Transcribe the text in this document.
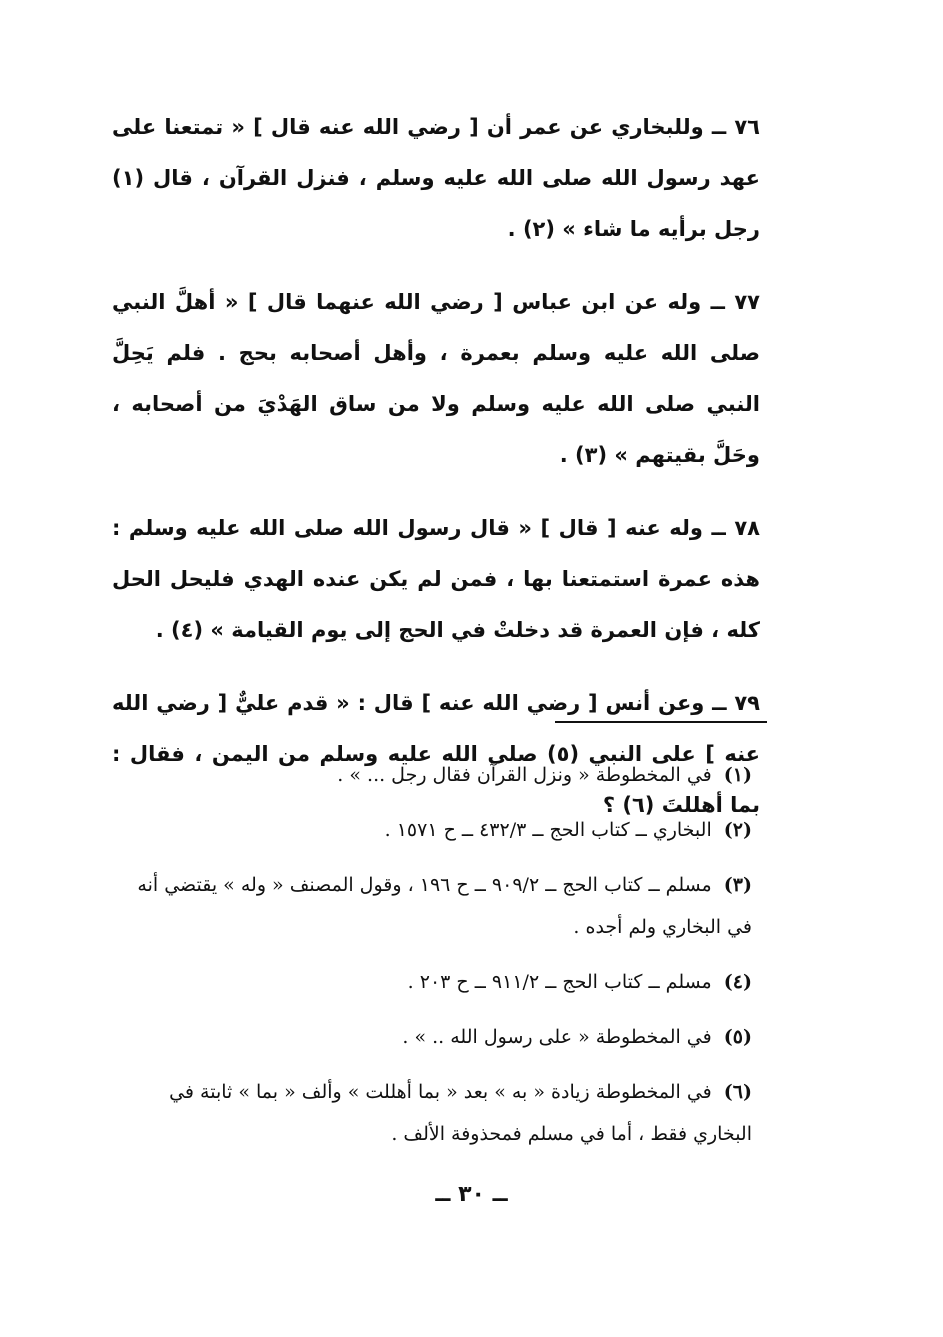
٧٦ ــ وللبخاري عن عمر أن [ رضي الله عنه قال ] « تمتعنا على عهد رسول الله صلى الله عليه وسلم ، فنزل القرآن ، قال (١) رجل برأيه ما شاء » (٢) .

٧٧ ــ وله عن ابن عباس [ رضي الله عنهما قال ] « أهلَّ النبي صلى الله عليه وسلم بعمرة ، وأهل أصحابه بحج . فلم يَحِلَّ النبي صلى الله عليه وسلم ولا من ساق الهَدْيَ من أصحابه ، وحَلَّ بقيتهم » (٣) .

٧٨ ــ وله عنه [ قال ] « قال رسول الله صلى الله عليه وسلم : هذه عمرة استمتعنا بها ، فمن لم يكن عنده الهدي فليحل الحل كله ، فإن العمرة قد دخلتْ في الحج إلى يوم القيامة » (٤) .

٧٩ ــ وعن أنس [ رضي الله عنه ] قال : « قدم عليٌّ [ رضي الله عنه ] على النبي (٥) صلى الله عليه وسلم من اليمن ، فقال : بما أهللتَ (٦) ؟

(١) في المخطوطة « ونزل القرآن فقال رجل ... » .

(٢) البخاري ــ كتاب الحج ــ ٤٣٢/٣ ــ ح ١٥٧١ .

(٣) مسلم ــ كتاب الحج ــ ٩٠٩/٢ ــ ح ١٩٦ ، وقول المصنف « وله » يقتضي أنه في البخاري ولم أجده .

(٤) مسلم ــ كتاب الحج ــ ٩١١/٢ ــ ح ٢٠٣ .

(٥) في المخطوطة « على رسول الله .. » .

(٦) في المخطوطة زيادة « به » بعد « بما أهللت » وألف « بما » ثابتة في البخاري فقط ، أما في مسلم فمحذوفة الألف .

ــ ٣٠ ــ
